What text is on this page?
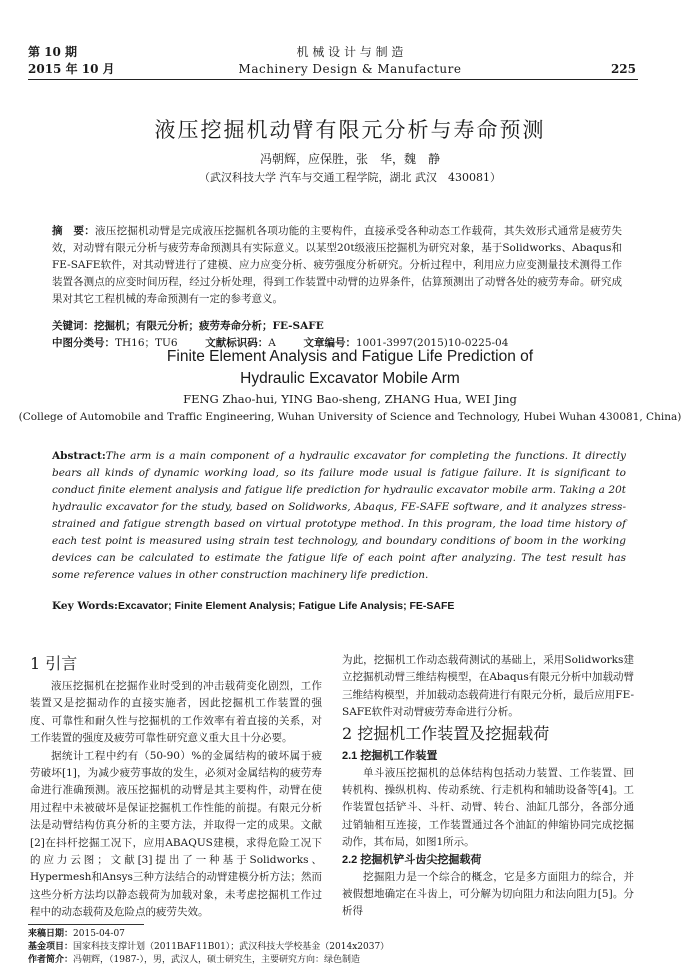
第 10 期
2015 年 10 月
机 械 设 计 与 制 造
Machinery Design & Manufacture	225
液压挖掘机动臂有限元分析与寿命预测
冯朝辉，应保胜，张　华，魏　静
（武汉科技大学 汽车与交通工程学院，湖北 武汉　430081）
摘　要：液压挖掘机动臂是完成液压挖掘机各项功能的主要构件，直接承受各种动态工作载荷，其失效形式通常是疲劳失效，对动臂有限元分析与疲劳寿命预测具有实际意义。以某型20t级液压挖掘机为研究对象，基于Solidworks、Abaqus和FE-SAFE软件，对其动臂进行了建模、应力应变分析、疲劳强度分析研究。分析过程中，利用应力应变测量技术测得工作装置各测点的应变时间历程，经过分析处理，得到工作装置中动臂的边界条件，估算预测出了动臂各处的疲劳寿命。研究成果对其它工程机械的寿命预测有一定的参考意义。
关键词：挖掘机；有限元分析；疲劳寿命分析；FE-SAFE
中图分类号：TH16；TU6	文献标识码：A	文章编号：1001-3997(2015)10-0225-04
Finite Element Analysis and Fatigue Life Prediction of
Hydraulic Excavator Mobile Arm
FENG Zhao-hui, YING Bao-sheng, ZHANG Hua, WEI Jing
(College of Automobile and Traffic Engineering, Wuhan University of Science and Technology, Hubei Wuhan 430081, China)
Abstract:The arm is a main component of a hydraulic excavator for completing the functions. It directly bears all kinds of dynamic working load, so its failure mode usual is fatigue failure. It is significant to conduct finite element analysis and fatigue life prediction for hydraulic excavator mobile arm. Taking a 20t hydraulic excavator for the study, based on Solidworks, Abaqus, FE-SAFE software, and it analyzes stress-strained and fatigue strength based on virtual prototype method. In this program, the load time history of each test point is measured using strain test technology, and boundary conditions of boom in the working devices can be calculated to estimate the fatigue life of each point after analyzing. The test result has some reference values in other construction machinery life prediction.
Key Words:Excavator; Finite Element Analysis; Fatigue Life Analysis; FE-SAFE
1 引言

液压挖掘机在挖掘作业时受到的冲击载荷变化剧烈，工作装置又是挖掘动作的直接实施者，因此挖掘机工作装置的强度、可靠性和耐久性与挖掘机的工作效率有着直接的关系，对工作装置的强度及疲劳可靠性研究意义重大且十分必要。

据统计工程中约有（50-90）%的金属结构的破坏属于疲劳破坏[1]，为减少疲劳事故的发生，必须对金属结构的疲劳寿命进行准确预测。液压挖掘机的动臂是其主要构件，动臂在使用过程中未被破坏是保证挖掘机工作性能的前提。有限元分析法是动臂结构仿真分析的主要方法，并取得一定的成果。文献[2]在抖杆挖掘工况下，应用ABAQUS建模，求得危险工况下的应力云图；文献[3]提出了一种基于Solidworks、Hypermesh和Ansys三种方法结合的动臂建模分析方法；然而这些分析方法均以静态载荷为加载对象，未考虑挖掘机工作过程中的动态载荷及危险点的疲劳失效。

为此，挖掘机工作动态载荷测试的基础上，采用Solidworks建立挖掘机动臂三维结构模型，在Abaqus有限元分析中加载动臂三维结构模型，并加载动态载荷进行有限元分析，最后应用FE-SAFE软件对动臂疲劳寿命进行分析。

2 挖掘机工作装置及挖掘载荷
2.1 挖掘机工作装置

单斗液压挖掘机的总体结构包括动力装置、工作装置、回转机构、操纵机构、传动系统、行走机构和辅助设备等[4]。工作装置包括铲斗、斗杆、动臂、转台、油缸几部分，各部分通过销轴相互连接，工作装置通过各个油缸的伸缩协同完成挖掘动作，其布局，如图1所示。

2.2 挖掘机铲斗齿尖挖掘载荷

挖掘阻力是一个综合的概念，它是多方面阻力的综合，并被假想地确定在斗齿上，可分解为切向阻力和法向阻力[5]。分析得

来稿日期：2015-04-07
基金项目：国家科技支撑计划（2011BAF11B01）；武汉科技大学校基金（2014x2037）
作者简介：冯朝辉，（1987-），男，武汉人，硕士研究生，主要研究方向：绿色制造
